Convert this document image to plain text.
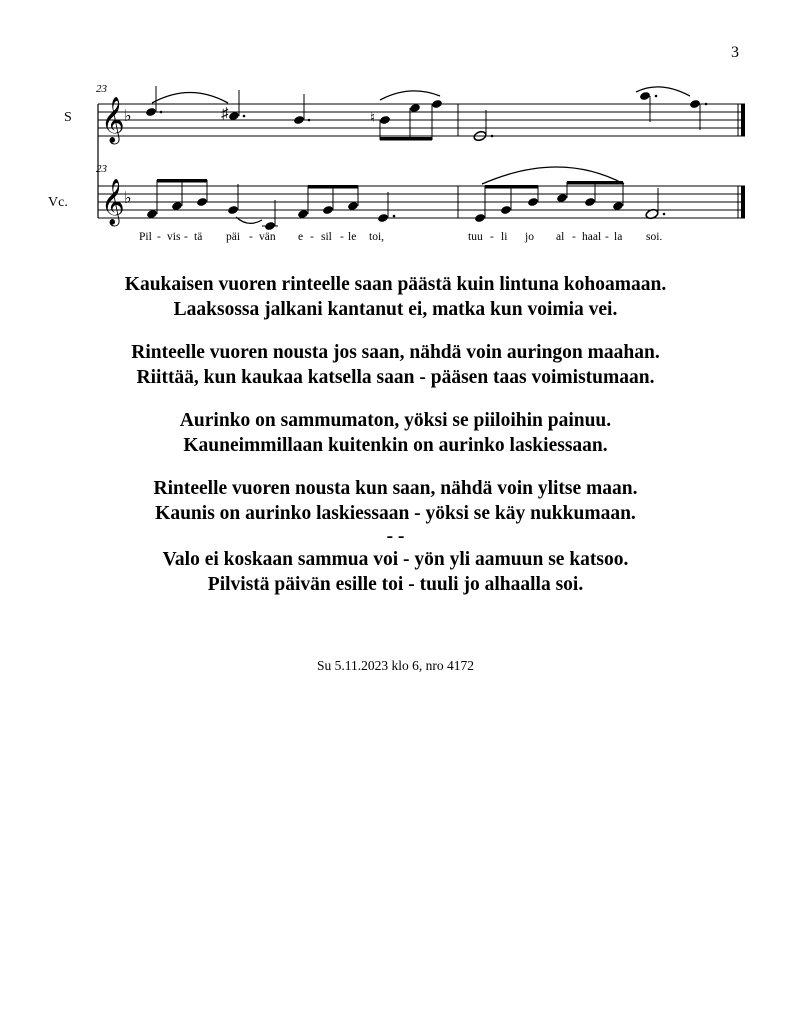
3
23
S 𝄞 ♭	♯	♮
23
Vc. 𝄞 ♭
Pil - vis - tä päi - vän e - sil - le toi,	tuu - li jo al - haal - la soi.
Kaukaisen vuoren rinteelle saan päästä kuin lintuna kohoamaan.
Laaksossa jalkani kantanut ei, matka kun voimia vei.
Rinteelle vuoren nousta jos saan, nähdä voin auringon maahan.
Riittää, kun kaukaa katsella saan - pääsen taas voimistumaan.
Aurinko on sammumaton, yöksi se piiloihin painuu.
Kauneimmillaan kuitenkin on aurinko laskiessaan.
Rinteelle vuoren nousta kun saan, nähdä voin ylitse maan.
Kaunis on aurinko laskiessaan - yöksi se käy nukkumaan.
- -
Valo ei koskaan sammua voi - yön yli aamuun se katsoo.
Pilvistä päivän esille toi - tuuli jo alhaalla soi.
Su 5.11.2023 klo 6, nro 4172
